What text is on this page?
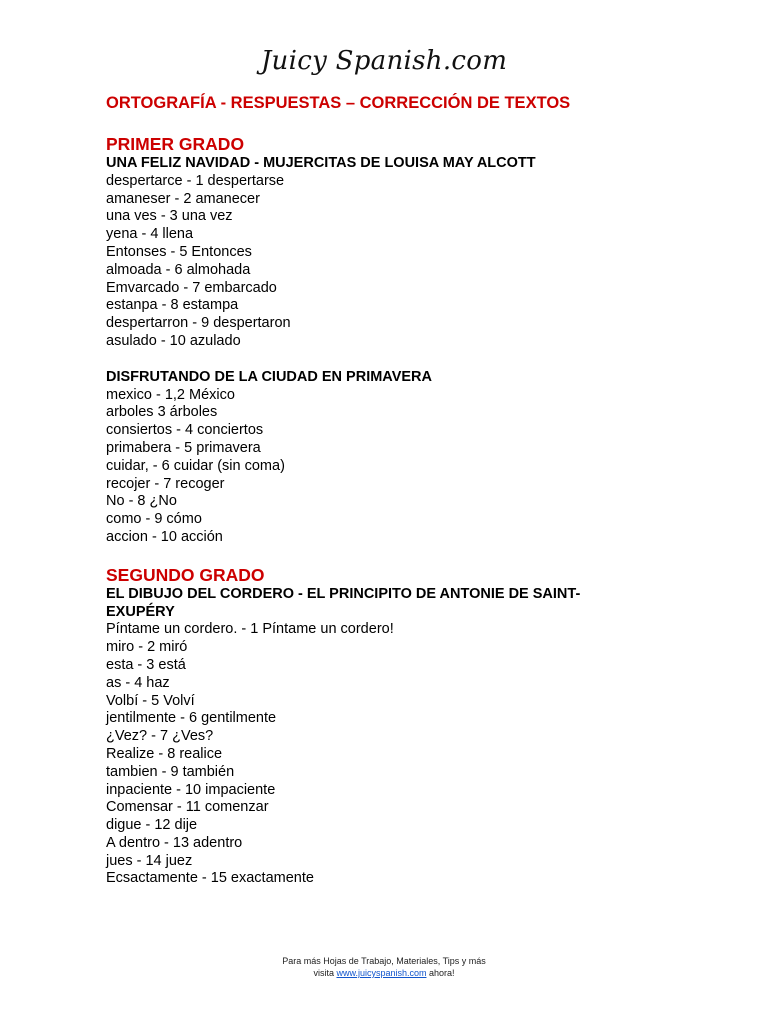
Juicy Spanish.com
ORTOGRAFÍA - RESPUESTAS – CORRECCIÓN DE TEXTOS
PRIMER GRADO
UNA FELIZ NAVIDAD - MUJERCITAS DE LOUISA MAY ALCOTT
despertarce - 1 despertarse
amaneser - 2 amanecer
una ves - 3 una vez
yena - 4 llena
Entonses - 5 Entonces
almoada - 6 almohada
Emvarcado - 7 embarcado
estanpa - 8 estampa
despertarron - 9 despertaron
asulado - 10 azulado
DISFRUTANDO DE LA CIUDAD EN PRIMAVERA
mexico - 1,2 México
arboles 3 árboles
consiertos - 4 conciertos
primabera - 5 primavera
cuidar, - 6 cuidar (sin coma)
recojer - 7 recoger
No - 8 ¿No
como - 9 cómo
accion - 10 acción
SEGUNDO GRADO
EL DIBUJO DEL CORDERO - EL PRINCIPITO DE ANTONIE DE SAINT-
EXUPÉRY
Píntame un cordero. - 1 Píntame un cordero!
miro - 2 miró
esta - 3 está
as - 4 haz
Volbí - 5 Volví
jentilmente - 6 gentilmente
¿Vez? - 7 ¿Ves?
Realize - 8 realice
tambien - 9 también
inpaciente - 10 impaciente
Comensar - 11 comenzar
digue - 12 dije
A dentro - 13 adentro
jues - 14 juez
Ecsactamente - 15 exactamente
Para más Hojas de Trabajo, Materiales, Tips y más
visita www.juicyspanish.com ahora!
